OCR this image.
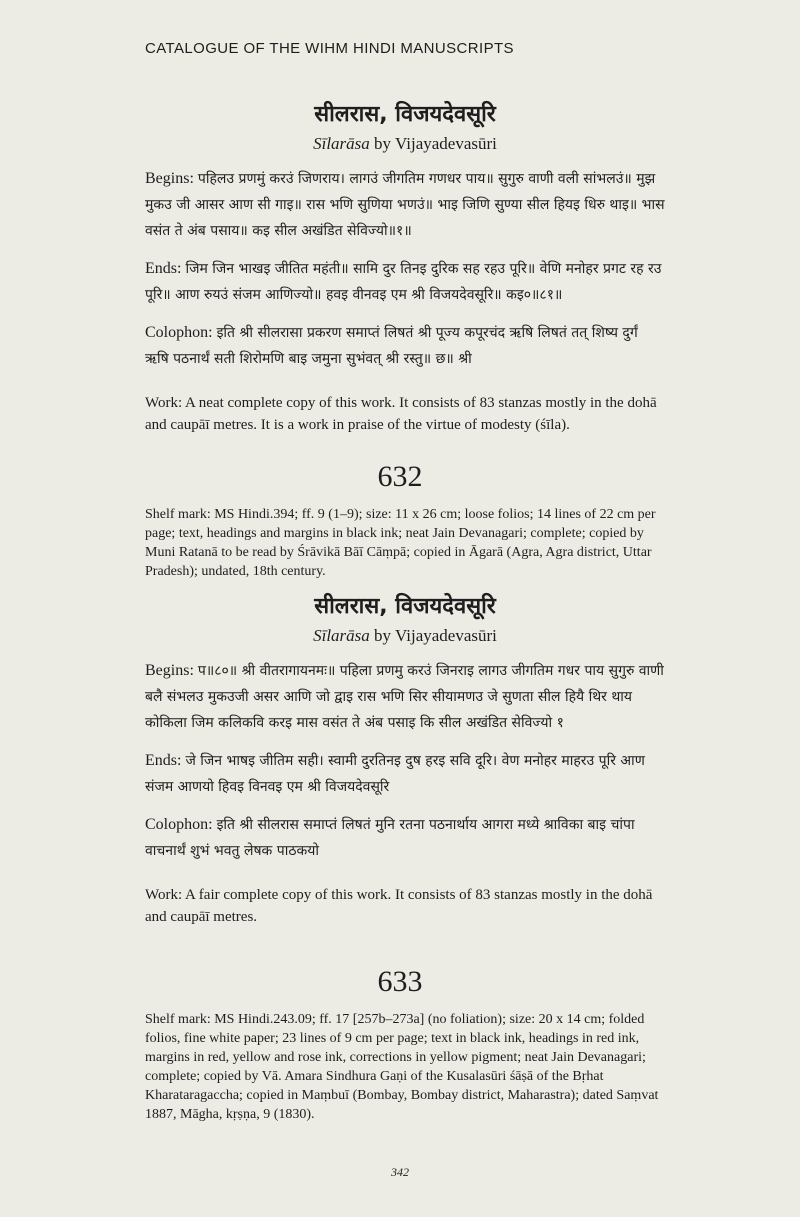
CATALOGUE OF THE WIHM HINDI MANUSCRIPTS
सीलरास, विजयदेवसूरि
Sīlarāsa by Vijayadevasūri
Begins: पहिलउ प्रणमुं करउं जिणराय। लागउं जीगतिम गणधर पाय॥ सुगुरु वाणी वली सांभलउं॥ मुझ मुकउ जी आसर आण सी गाइ॥ रास भणि सुणिया भणउं॥ भाइ जिणि सुण्या सील हियइ धिरु थाइ॥ भास वसंत ते अंब पसाय॥ कइ सील अखंडित सेविज्यो॥१॥
Ends: जिम जिन भाखइ जीतित महंती॥ सामि दुर तिनइ दुरिक सह रहउ पूरि॥ वेणि मनोहर प्रगट रह रउ पूरि॥ आण रुयउं संजम आणिज्यो॥ हवइ वीनवइ एम श्री विजयदेवसूरि॥ कइ०॥८१॥
Colophon: इति श्री सीलरासा प्रकरण समाप्तं लिषतं श्री पूज्य कपूरचंद ऋषि लिषतं तत् शिष्य दुर्गं ऋषि पठनार्थं सती शिरोमणि बाइ जमुना सुभंवत् श्री रस्तु॥ छ॥ श्री
Work: A neat complete copy of this work. It consists of 83 stanzas mostly in the dohā and caupāī metres. It is a work in praise of the virtue of modesty (śīla).
632
Shelf mark: MS Hindi.394; ff. 9 (1–9); size: 11 x 26 cm; loose folios; 14 lines of 22 cm per page; text, headings and margins in black ink; neat Jain Devanagari; complete; copied by Muni Ratanā to be read by Śrāvikā Bāī Cāṃpā; copied in Āgarā (Agra, Agra district, Uttar Pradesh); undated, 18th century.
सीलरास, विजयदेवसूरि
Sīlarāsa by Vijayadevasūri
Begins: प॥८०॥ श्री वीतरागायनमः॥ पहिला प्रणमु करउं जिनराइ लागउ जीगतिम गधर पाय सुगुरु वाणी बलै संभलउ मुकउजी असर आणि जो द्वाइ रास भणि सिर सीयामणउ जे सुणता सील हियै थिर थाय कोकिला जिम कलिकवि करइ मास वसंत ते अंब पसाइ कि सील अखंडित सेविज्यो १
Ends: जे जिन भाषइ जीतिम सही। स्वामी दुरतिनइ दुष हरइ सवि दूरि। वेण मनोहर माहरउ पूरि आण संजम आणयो हिवइ विनवइ एम श्री विजयदेवसूरि
Colophon: इति श्री सीलरास समाप्तं लिषतं मुनि रतना पठनार्थाय आगरा मध्ये श्राविका बाइ चांपा वाचनार्थं शुभं भवतु लेषक पाठकयो
Work: A fair complete copy of this work. It consists of 83 stanzas mostly in the dohā and caupāī metres.
633
Shelf mark: MS Hindi.243.09; ff. 17 [257b–273a] (no foliation); size: 20 x 14 cm; folded folios, fine white paper; 23 lines of 9 cm per page; text in black ink, headings in red ink, margins in red, yellow and rose ink, corrections in yellow pigment; neat Jain Devanagari; complete; copied by Vā. Amara Sindhura Gaṇi of the Kusalasūri śāṣā of the Bṛhat Kharataragaccha; copied in Maṃbuī (Bombay, Bombay district, Maharastra); dated Saṃvat 1887, Māgha, kṛṣṇa, 9 (1830).
342
